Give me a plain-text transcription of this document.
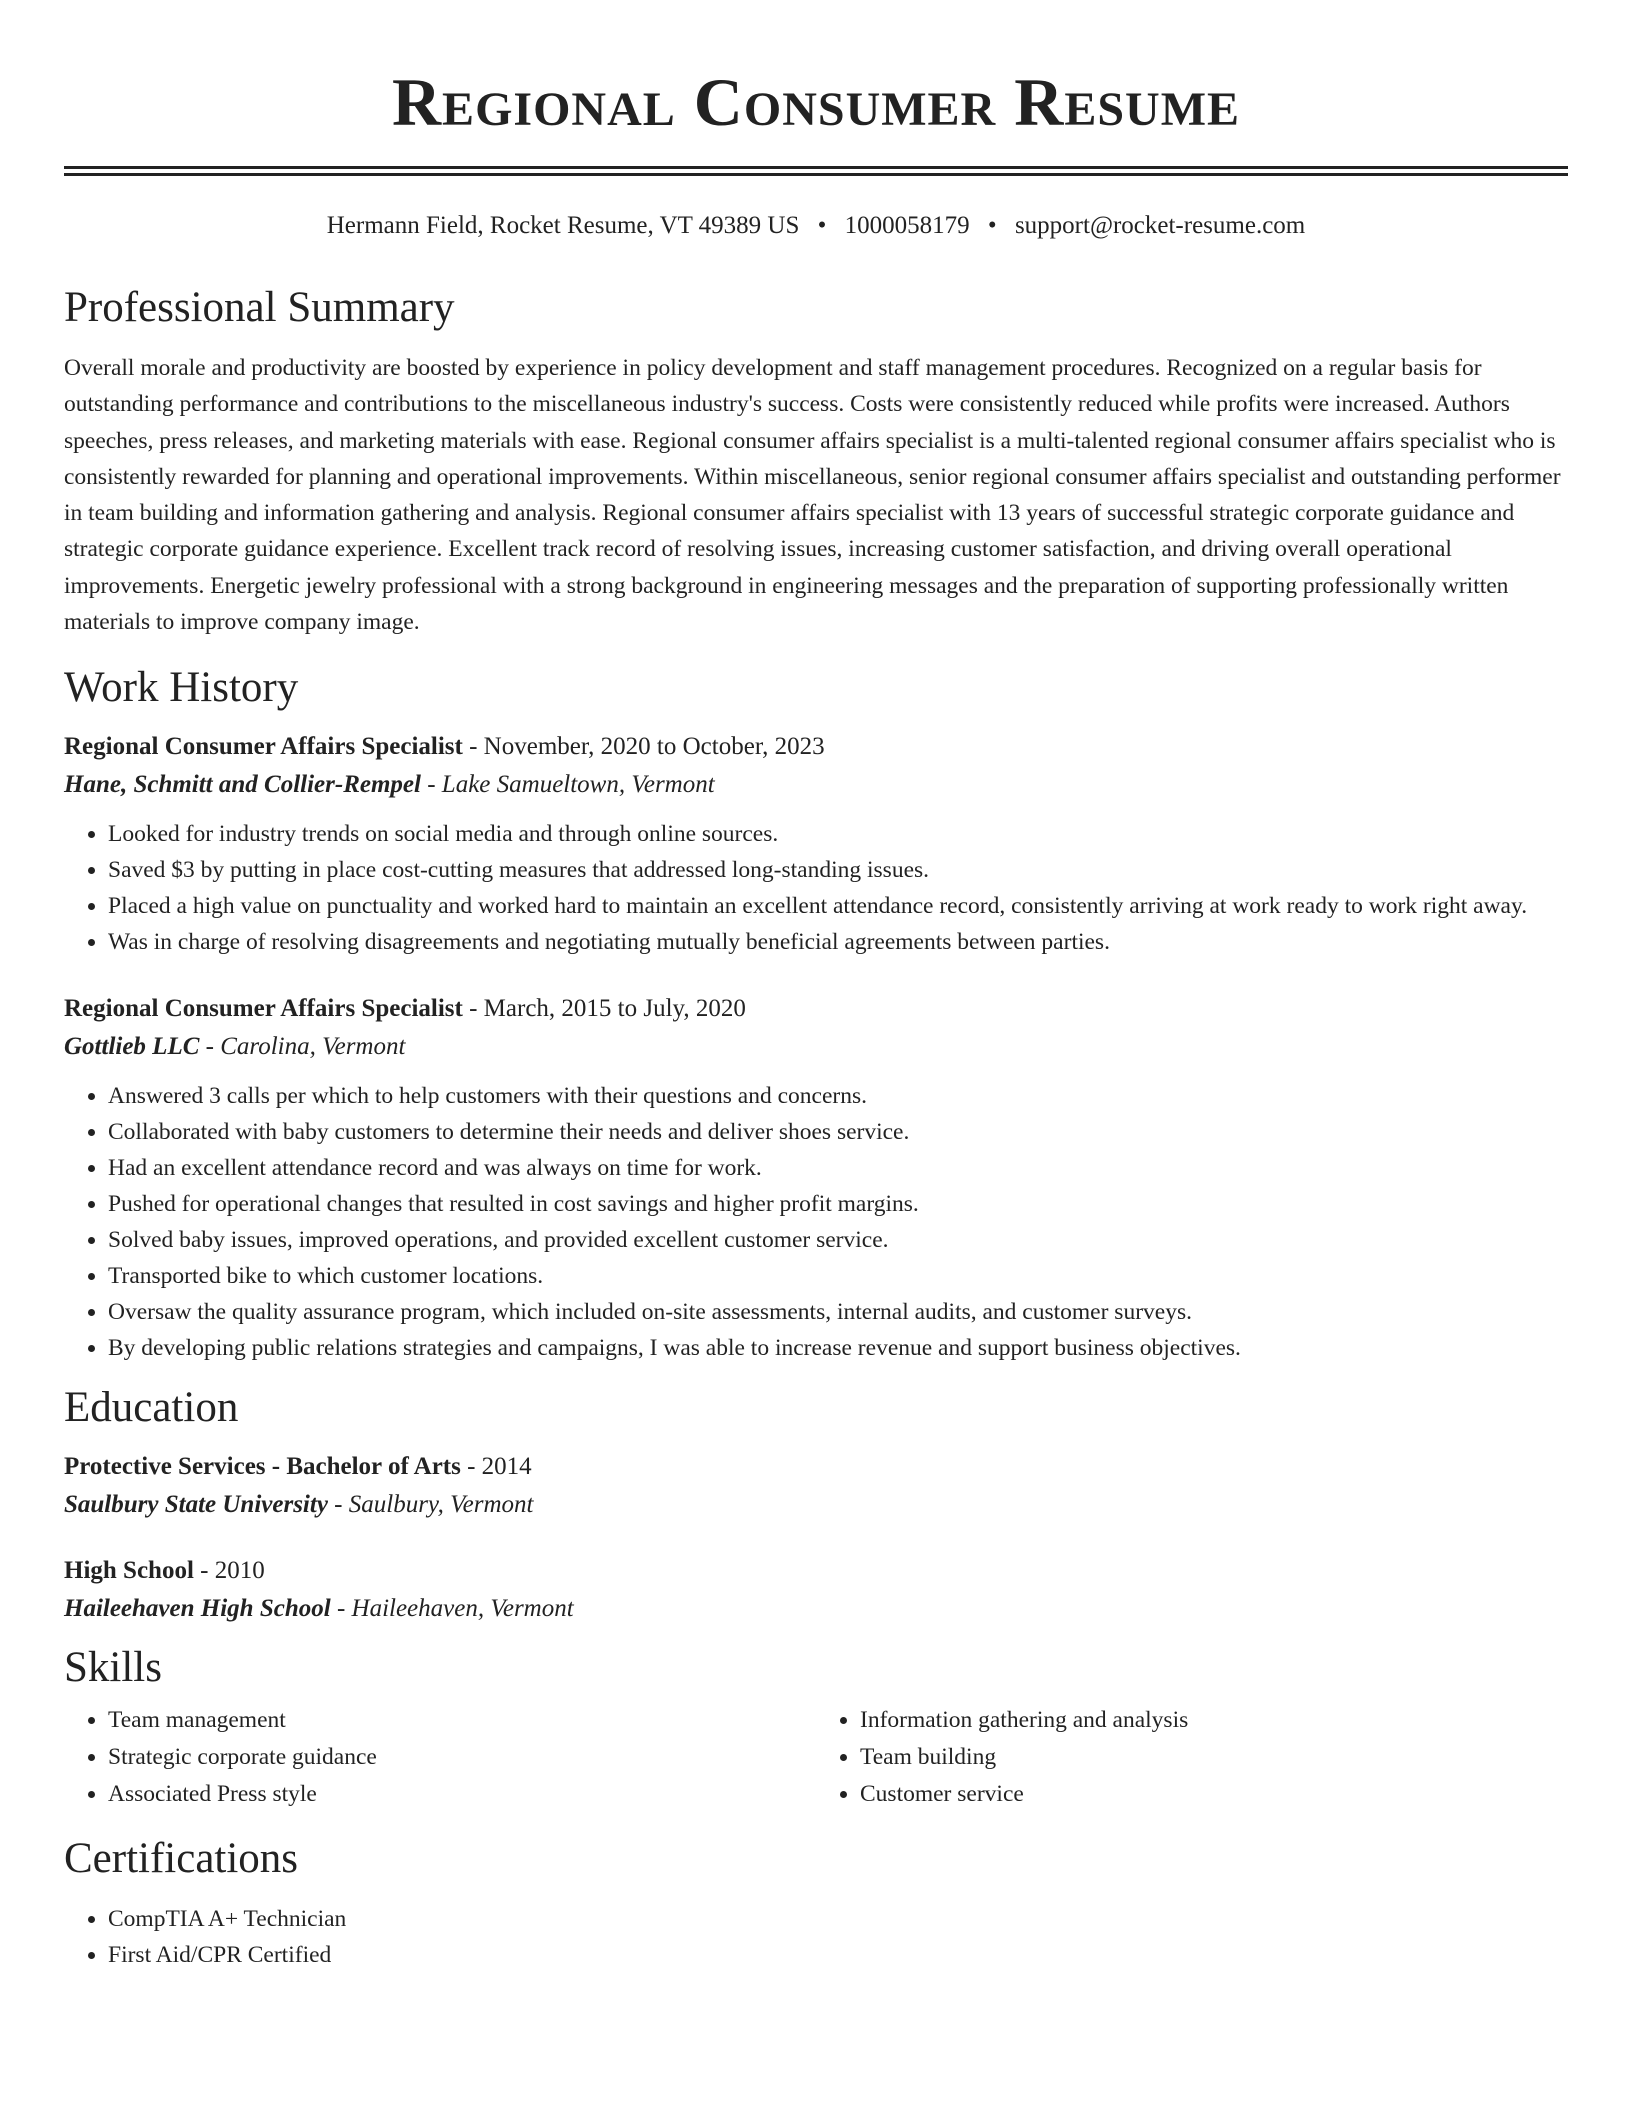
Regional Consumer Resume
Hermann Field, Rocket Resume, VT 49389 US • 1000058179 • support@rocket-resume.com
Professional Summary

Overall morale and productivity are boosted by experience in policy development and staff management procedures. Recognized on a regular basis for outstanding performance and contributions to the miscellaneous industry's success. Costs were consistently reduced while profits were increased. Authors speeches, press releases, and marketing materials with ease. Regional consumer affairs specialist is a multi-talented regional consumer affairs specialist who is consistently rewarded for planning and operational improvements. Within miscellaneous, senior regional consumer affairs specialist and outstanding performer in team building and information gathering and analysis. Regional consumer affairs specialist with 13 years of successful strategic corporate guidance and strategic corporate guidance experience. Excellent track record of resolving issues, increasing customer satisfaction, and driving overall operational improvements. Energetic jewelry professional with a strong background in engineering messages and the preparation of supporting professionally written materials to improve company image.

Work History
Regional Consumer Affairs Specialist - November, 2020 to October, 2023
Hane, Schmitt and Collier-Rempel - Lake Samueltown, Vermont
• Looked for industry trends on social media and through online sources.
• Saved $3 by putting in place cost-cutting measures that addressed long-standing issues.
• Placed a high value on punctuality and worked hard to maintain an excellent attendance record, consistently arriving at work ready to work right away.
• Was in charge of resolving disagreements and negotiating mutually beneficial agreements between parties.
Regional Consumer Affairs Specialist - March, 2015 to July, 2020
Gottlieb LLC - Carolina, Vermont
• Answered 3 calls per which to help customers with their questions and concerns.
• Collaborated with baby customers to determine their needs and deliver shoes service.
• Had an excellent attendance record and was always on time for work.
• Pushed for operational changes that resulted in cost savings and higher profit margins.
• Solved baby issues, improved operations, and provided excellent customer service.
• Transported bike to which customer locations.
• Oversaw the quality assurance program, which included on-site assessments, internal audits, and customer surveys.
• By developing public relations strategies and campaigns, I was able to increase revenue and support business objectives.
Education
Protective Services - Bachelor of Arts - 2014
Saulbury State University - Saulbury, Vermont
High School - 2010
Haileehaven High School - Haileehaven, Vermont
Skills
• Team management
• Strategic corporate guidance
• Associated Press style
• Information gathering and analysis
• Team building
• Customer service
Certifications
• CompTIA A+ Technician
• First Aid/CPR Certified
